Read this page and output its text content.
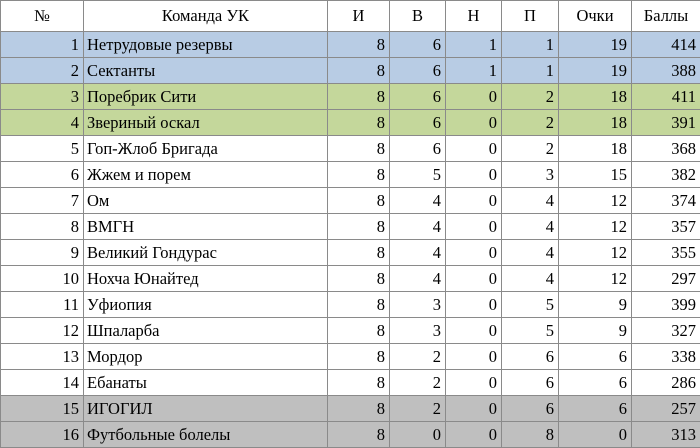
№	Команда УК	И	В	Н	П	Очки	Баллы
1	Нетрудовые резервы	8	6	1	1	19	414
2	Сектанты	8	6	1	1	19	388
3	Поребрик Сити	8	6	0	2	18	411
4	Звериный оскал	8	6	0	2	18	391
5	Гоп-Жлоб Бригада	8	6	0	2	18	368
6	Жжем и порем	8	5	0	3	15	382
7	Ом	8	4	0	4	12	374
8	ВМГН	8	4	0	4	12	357
9	Великий Гондурас	8	4	0	4	12	355
10	Нохча Юнайтед	8	4	0	4	12	297
11	Уфиопия	8	3	0	5	9	399
12	Шпаларба	8	3	0	5	9	327
13	Мордор	8	2	0	6	6	338
14	Ебанаты	8	2	0	6	6	286
15	ИГОГИЛ	8	2	0	6	6	257
16	Футбольные болелы	8	0	0	8	0	313
